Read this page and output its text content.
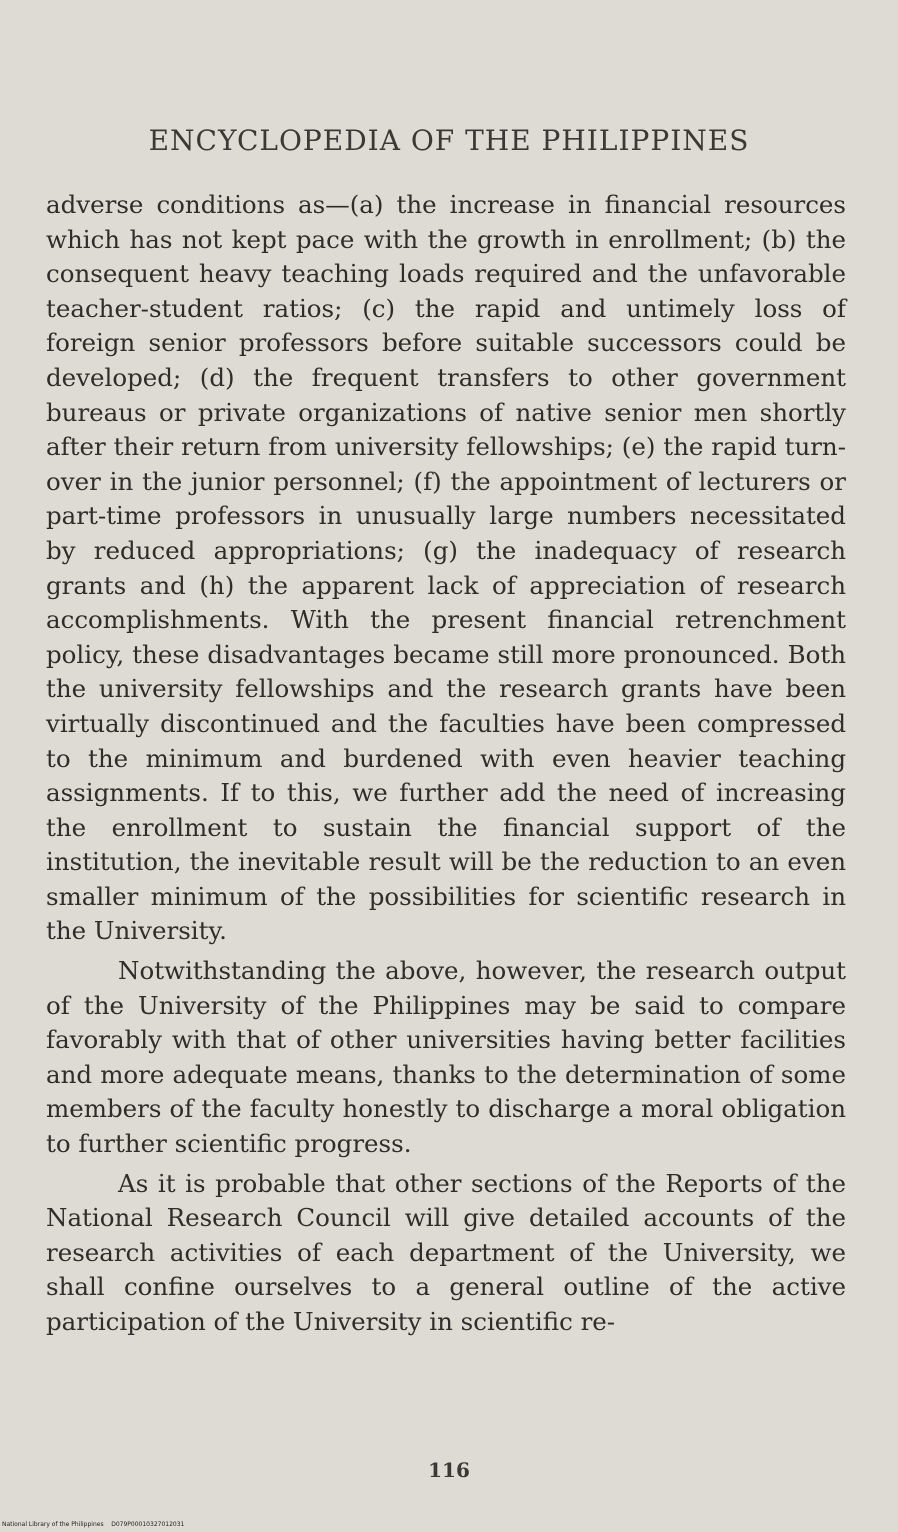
ENCYCLOPEDIA OF THE PHILIPPINES

adverse conditions as—(a) the increase in financial resources which has not kept pace with the growth in enrollment; (b) the consequent heavy teaching loads required and the unfavorable teacher-student ratios; (c) the rapid and untimely loss of foreign senior professors before suitable successors could be developed; (d) the frequent transfers to other government bureaus or private organizations of native senior men shortly after their return from university fellowships; (e) the rapid turn-over in the junior personnel; (f) the appointment of lecturers or part-time professors in unusually large numbers necessitated by reduced appropriations; (g) the inadequacy of research grants and (h) the apparent lack of appreciation of research accomplishments. With the present financial retrenchment policy, these disadvantages became still more pronounced. Both the university fellowships and the research grants have been virtually discontinued and the faculties have been compressed to the minimum and burdened with even heavier teaching assignments. If to this, we further add the need of increasing the enrollment to sustain the financial support of the institution, the inevitable result will be the reduction to an even smaller minimum of the possibilities for scientific research in the University.

Notwithstanding the above, however, the research output of the University of the Philippines may be said to compare favorably with that of other universities having better facilities and more adequate means, thanks to the determination of some members of the faculty honestly to discharge a moral obligation to further scientific progress.

As it is probable that other sections of the Reports of the National Research Council will give detailed accounts of the research activities of each department of the University, we shall confine ourselves to a general outline of the active participation of the University in scientific re-

116
National Library of the Philippines D079P00010327012031
